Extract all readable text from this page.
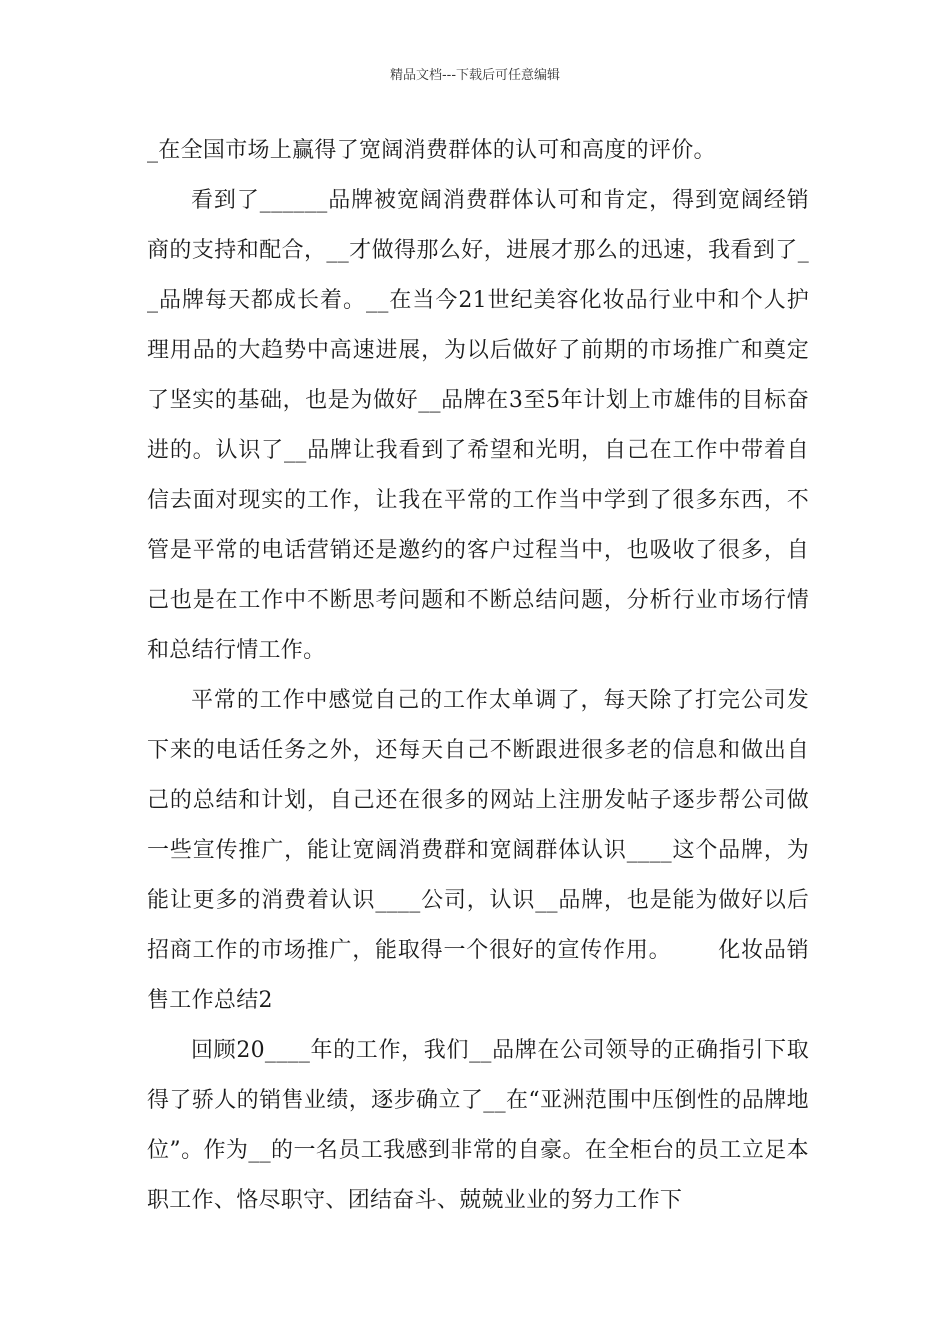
精品文档---下载后可任意编辑

_在全国市场上赢得了宽阔消费群体的认可和高度的评价。

看到了______品牌被宽阔消费群体认可和肯定，得到宽阔经销商的支持和配合，__才做得那么好，进展才那么的迅速，我看到了__品牌每天都成长着。__在当今21世纪美容化妆品行业中和个人护理用品的大趋势中高速进展，为以后做好了前期的市场推广和奠定了坚实的基础，也是为做好__品牌在3至5年计划上市雄伟的目标奋进的。认识了__品牌让我看到了希望和光明，自己在工作中带着自信去面对现实的工作，让我在平常的工作当中学到了很多东西，不管是平常的电话营销还是邀约的客户过程当中，也吸收了很多，自己也是在工作中不断思考问题和不断总结问题，分析行业市场行情和总结行情工作。

平常的工作中感觉自己的工作太单调了，每天除了打完公司发下来的电话任务之外，还每天自己不断跟进很多老的信息和做出自己的总结和计划，自己还在很多的网站上注册发帖子逐步帮公司做一些宣传推广，能让宽阔消费群和宽阔群体认识____这个品牌，为能让更多的消费着认识____公司，认识__品牌，也是能为做好以后招商工作的市场推广，能取得一个很好的宣传作用。      化妆品销售工作总结2

回顾20____年的工作，我们__品牌在公司领导的正确指引下取得了骄人的销售业绩，逐步确立了__在“亚洲范围中压倒性的品牌地位”。作为__的一名员工我感到非常的自豪。在全柜台的员工立足本职工作、恪尽职守、团结奋斗、兢兢业业的努力工作下
